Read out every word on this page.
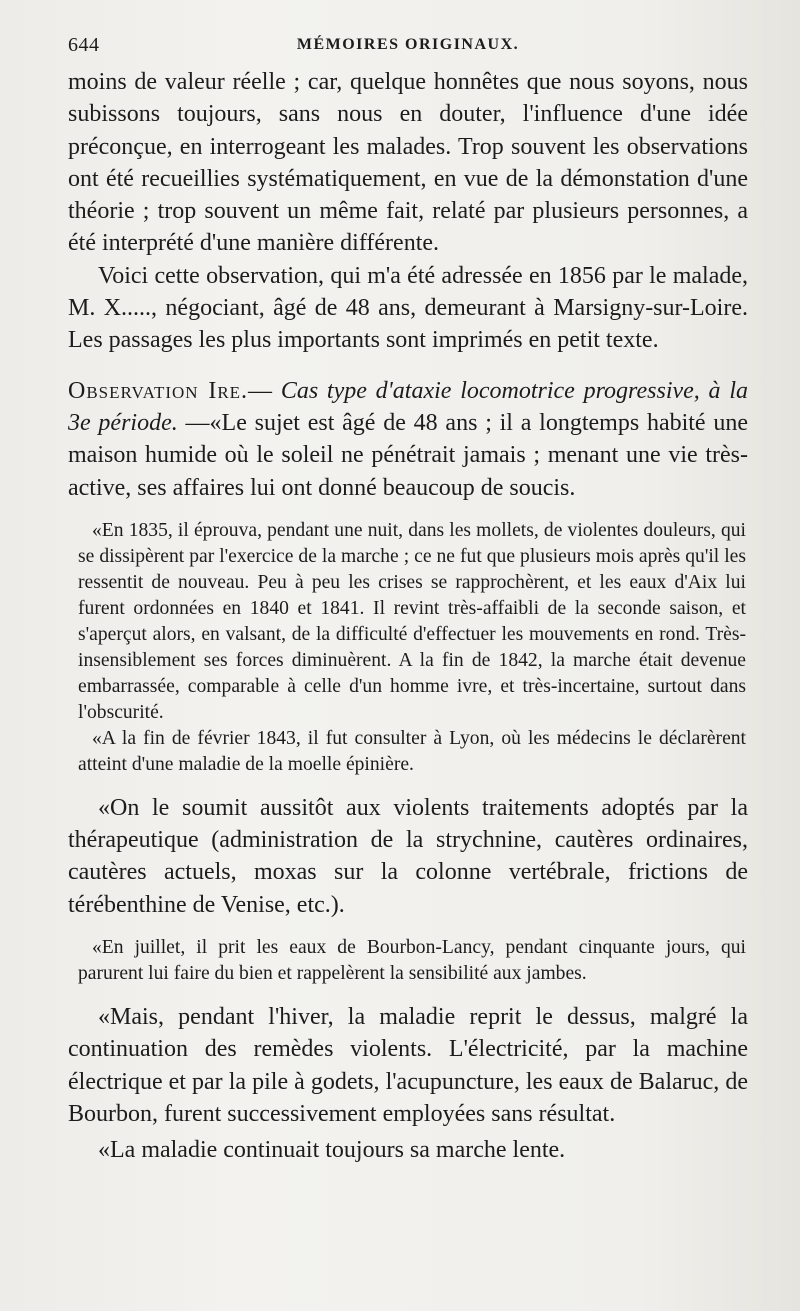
644	MÉMOIRES ORIGINAUX.

moins de valeur réelle ; car, quelque honnêtes que nous soyons, nous subissons toujours, sans nous en douter, l'influence d'une idée préconçue, en interrogeant les malades. Trop souvent les observations ont été recueillies systématiquement, en vue de la démonstation d'une théorie ; trop souvent un même fait, relaté par plusieurs personnes, a été interprété d'une manière différente.

Voici cette observation, qui m'a été adressée en 1856 par le malade, M. X....., négociant, âgé de 48 ans, demeurant à Marsigny-sur-Loire. Les passages les plus importants sont imprimés en petit texte.

Observation Ire.— Cas type d'ataxie locomotrice progressive, à la 3e période. —«Le sujet est âgé de 48 ans ; il a longtemps habité une maison humide où le soleil ne pénétrait jamais ; menant une vie très-active, ses affaires lui ont donné beaucoup de soucis.

«En 1835, il éprouva, pendant une nuit, dans les mollets, de violentes douleurs, qui se dissipèrent par l'exercice de la marche ; ce ne fut que plusieurs mois après qu'il les ressentit de nouveau. Peu à peu les crises se rapprochèrent, et les eaux d'Aix lui furent ordonnées en 1840 et 1841. Il revint très-affaibli de la seconde saison, et s'aperçut alors, en valsant, de la difficulté d'effectuer les mouvements en rond. Très-insensiblement ses forces diminuèrent. A la fin de 1842, la marche était devenue embarrassée, comparable à celle d'un homme ivre, et très-incertaine, surtout dans l'obscurité.

«A la fin de février 1843, il fut consulter à Lyon, où les médecins le déclarèrent atteint d'une maladie de la moelle épinière.

«On le soumit aussitôt aux violents traitements adoptés par la thérapeutique (administration de la strychnine, cautères ordinaires, cautères actuels, moxas sur la colonne vertébrale, frictions de térébenthine de Venise, etc.).

«En juillet, il prit les eaux de Bourbon-Lancy, pendant cinquante jours, qui parurent lui faire du bien et rappelèrent la sensibilité aux jambes.

«Mais, pendant l'hiver, la maladie reprit le dessus, malgré la continuation des remèdes violents. L'électricité, par la machine électrique et par la pile à godets, l'acupuncture, les eaux de Balaruc, de Bourbon, furent successivement employées sans résultat.

«La maladie continuait toujours sa marche lente.
